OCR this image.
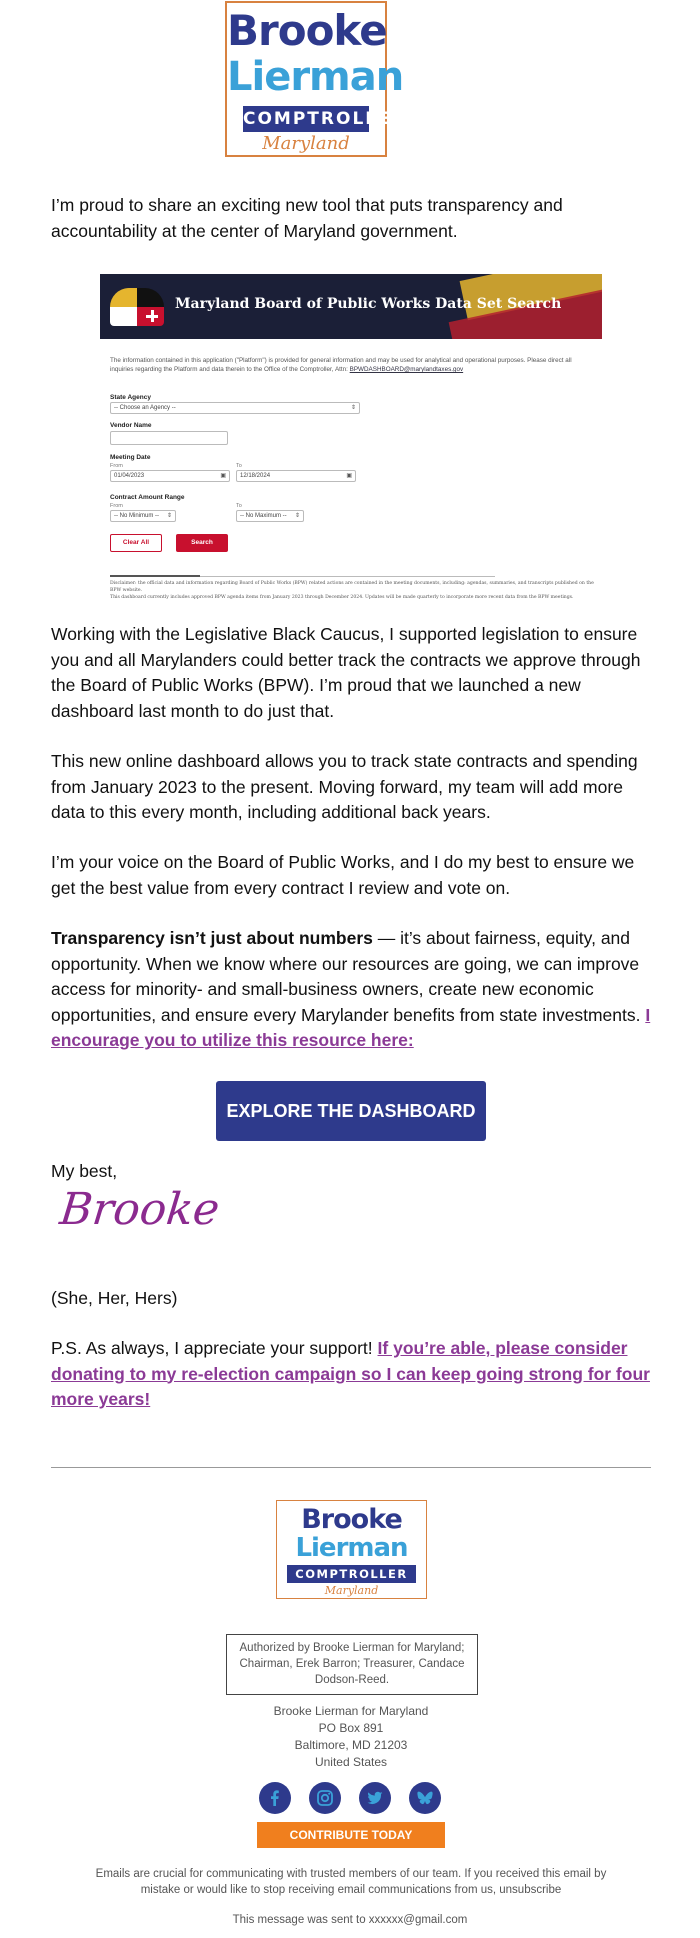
Brooke
Lierman
COMPTROLLER
Maryland
I’m proud to share an exciting new tool that puts transparency and accountability at the center of Maryland government.
Maryland Board of Public Works Data Set Search
The information contained in this application ("Platform") is provided for general information and may be used for analytical and operational purposes. Please direct all inquiries regarding the Platform and data therein to the Office of the Comptroller, Attn: BPWDASHBOARD@marylandtaxes.gov
State Agency
-- Choose an Agency --	⇕
Vendor Name
Meeting Date
From	To
01/04/2023	▣	12/18/2024	▣
Contract Amount Range
From	To
-- No Minimum -- ⇕	-- No Maximum -- ⇕
Clear All	Search
Disclaimer: the official data and information regarding Board of Public Works (BPW) related actions are contained in the meeting documents, including: agendas, summaries, and transcripts published on the BPW website.
This dashboard currently includes approved BPW agenda items from January 2023 through December 2024. Updates will be made quarterly to incorporate more recent data from the BPW meetings.
Working with the Legislative Black Caucus, I supported legislation to ensure you and all Marylanders could better track the contracts we approve through the Board of Public Works (BPW). I’m proud that we launched a new dashboard last month to do just that.
This new online dashboard allows you to track state contracts and spending from January 2023 to the present. Moving forward, my team will add more data to this every month, including additional back years.
I’m your voice on the Board of Public Works, and I do my best to ensure we get the best value from every contract I review and vote on.
Transparency isn’t just about numbers — it’s about fairness, equity, and opportunity. When we know where our resources are going, we can improve access for minority- and small-business owners, create new economic opportunities, and ensure every Marylander benefits from state investments. I encourage you to utilize this resource here:
EXPLORE THE DASHBOARD
My best,
Brooke
(She, Her, Hers)
P.S. As always, I appreciate your support! If you’re able, please consider donating to my re-election campaign so I can keep going strong for four more years!
Brooke
Lierman
COMPTROLLER
Maryland
Authorized by Brooke Lierman for Maryland; Chairman, Erek Barron; Treasurer, Candace Dodson-Reed.
Brooke Lierman for Maryland
PO Box 891
Baltimore, MD 21203
United States
CONTRIBUTE TODAY
Emails are crucial for communicating with trusted members of our team. If you received this email by mistake or would like to stop receiving email communications from us, unsubscribe
This message was sent to xxxxxx@gmail.com
